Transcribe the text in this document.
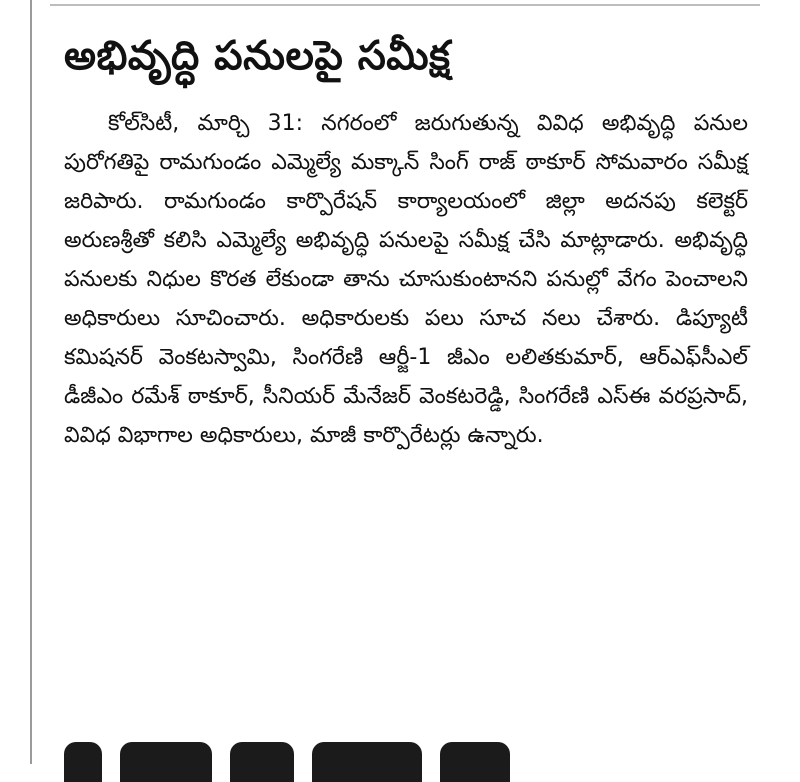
అభివృద్ధి పనులపై సమీక్ష

కోల్‌సిటీ, మార్చి 31: నగరంలో జరుగుతున్న వివిధ అభివృద్ధి పనుల పురోగతిపై రామగుండం ఎమ్మెల్యే మక్కాన్ సింగ్ రాజ్ ఠాకూర్ సోమవారం సమీక్ష జరిపారు. రామగుండం కార్పొరేషన్ కార్యాలయంలో జిల్లా అదనపు కలెక్టర్ అరుణశ్రీతో కలిసి ఎమ్మెల్యే అభివృద్ధి పనులపై సమీక్ష చేసి మాట్లాడారు. అభివృద్ధి పనులకు నిధుల కొరత లేకుండా తాను చూసుకుంటానని పనుల్లో వేగం పెంచాలని అధికారులు సూచించారు. అధికారులకు పలు సూచ నలు చేశారు. డిప్యూటీ కమిషనర్ వెంకటస్వామి, సింగరేణి ఆర్జీ-1 జీఎం లలితకుమార్, ఆర్ఎఫ్‌సీఎల్ డీజీఎం రమేశ్ ఠాకూర్, సీనియర్ మేనేజర్ వెంకటరెడ్డి, సింగరేణి ఎస్ఈ వరప్రసాద్, వివిధ విభాగాల అధికారులు, మాజీ కార్పొరేటర్లు ఉన్నారు.
